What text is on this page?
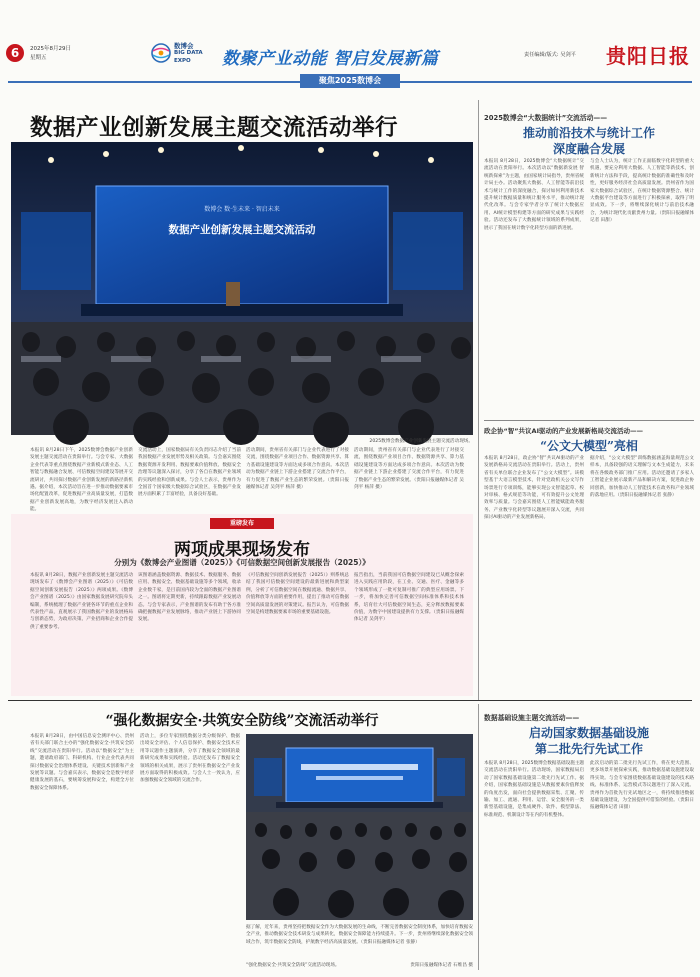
6	2025年8月29日
星期五
数博会
BIG DATA
EXPO 数聚产业动能 智启发展新篇	责任编辑/版式: 吴剑平 贵阳日报
聚焦2025数博会
数据产业创新发展主题交流活动举行
数博会 数·生未来 · 智启未来
数据产业创新发展主题交流活动
2025数博会数据产业创新发展主题交流活动现场。
本报讯 8月28日下午，2025数博会数据产业创新发展主题交流活动在贵阳举行。与会专家、大数据企业代表等重点围绕数据产业新模式新业态、人工智能与数据融合发展、可信数据空间建设等展开交流研讨，共同探讨数据产业创新发展的新路径新机遇。据介绍，本次活动旨在进一步推动数据要素市场化配置改革，促进数据产业高质量发展，打造数据产业创新发展高地，为数字经济发展注入新动能。
交流活动上，国家数据局有关负责同志介绍了当前我国数据产业发展形势及相关政策。与会嘉宾围绕数据资源开发利用、数据要素价值释放、数据安全治理等议题深入探讨，分享了各自在数据产业领域的实践经验和创新成果。与会人士表示，贵州作为全国首个国家级大数据综合试验区，在数据产业发展方面积累了丰富经验，具备良好基础。
活动期间，贵州省有关部门与企业代表进行了对接交流，围绕数据产业项目合作、数据资源共享、算力基础设施建设等方面达成多项合作意向。本次活动为数据产业链上下游企业搭建了交流合作平台，有力促进了数据产业生态的繁荣发展。（贵阳日报融媒体记者 吴剑平 杨萍 摄）
活动期间，贵州省有关部门与企业代表进行了对接交流，围绕数据产业项目合作、数据资源共享、算力基础设施建设等方面达成多项合作意向。本次活动为数据产业链上下游企业搭建了交流合作平台，有力促进了数据产业生态的繁荣发展。（贵阳日报融媒体记者 吴剑平 杨萍 摄）
2025数博会“大数据统计”交流活动——
推动前沿技术与统计工作
深度融合发展
本报讯 8月28日，2025数博会“大数据统计”交流活动在贵阳举行。本次活动以“数据新发展 智统新探索”为主题，由国家统计局指导，贵州省统计局主办。活动聚焦大数据、人工智能等前沿技术与统计工作的深度融合，探讨如何利用新技术提升统计数据质量和统计服务水平，推动统计现代化改革。与会专家学者分享了统计大数据应用、AI统计模型构建等方面的研究成果与实践经验。活动还发布了大数据统计领域的系列成果，展示了我国在统计数字化转型方面的新进展。
与会人士认为，统计工作正面临数字化转型的重大机遇，要充分利用大数据、人工智能等新技术，创新统计方法和手段，提高统计数据的准确性和及时性，更好服务经济社会高质量发展。贵州省作为国家大数据综合试验区，在统计数据资源整合、统计大数据平台建设等方面进行了积极探索，取得了明显成效。下一步，将继续深化统计与前沿技术融合，为统计现代化贡献贵州力量。（贵阳日报融媒体记者 田甜）
政企协“智”共议AI驱动的产业发展新格局交流活动——
“公文大模型”亮相
本报讯 8月28日，政企协“智”共议AI驱动的产业发展新格局交流活动在贵阳举行。活动上，贵州省有关单位联合企业发布了“公文大模型”。该模型基于大语言模型技术，针对党政机关公文写作场景进行专项训练，能够实现公文智能起草、校对审核、格式规范等功能，可有效提升公文处理效率与质量。与会嘉宾围绕人工智能赋能政务服务、产业数字化转型等议题展开深入交流，共同探讨AI驱动的产业发展新格局。
据介绍，“公文大模型”训练数据涵盖海量规范公文样本，具备较强的语义理解与文本生成能力，未来将在各级政务部门推广应用。活动还邀请了多家人工智能企业展示最新产品和解决方案，促进政企协同创新，加快推动人工智能技术在政务和产业领域的落地应用。（贵阳日报融媒体记者 张静）
重磅发布
两项成果现场发布
分别为《数博会产业图谱（2025）》《可信数据空间创新发展报告（2025）》
本报讯 8月28日，数据产业创新发展主题交流活动现场发布了《数博会产业图谱（2025）》《可信数据空间创新发展报告（2025）》两项成果。《数博会产业图谱（2025）》由国家数据发展研究院牵头编制，系统梳理了数据产业链各环节的重点企业和代表性产品，直观展示了我国数据产业的发展格局与创新态势，为政府决策、产业招商和企业合作提供了重要参考。
该图谱涵盖数据资源、数据技术、数据服务、数据应用、数据安全、数据基础设施等多个领域，收录企业数千家，是目前国内较为全面的数据产业图谱之一。图谱将定期更新，持续跟踪数据产业发展动态。与会专家表示，产业图谱的发布有助于各方准确把握数据产业发展脉络，推动产业链上下游协同发展。
《可信数据空间创新发展报告（2025）》则系统总结了我国可信数据空间建设的最新进展和典型案例，分析了可信数据空间在数据流通、数据共享、价值释放等方面的重要作用，提出了推动可信数据空间高质量发展的对策建议。报告认为，可信数据空间是构建数据要素市场的重要基础设施。
报告指出，当前我国可信数据空间建设已从概念探索进入实践应用阶段，在工业、交通、医疗、金融等多个领域形成了一批可复制可推广的典型应用场景。下一步，将加快完善可信数据空间标准体系和技术体系，培育壮大可信数据空间生态，充分释放数据要素价值，为数字中国建设提供有力支撑。（贵阳日报融媒体记者 吴剑平）
“强化数据安全·共筑安全防线”交流活动举行
本报讯 8月28日，由中国信息安全测评中心、贵州省有关部门联合主办的“强化数据安全·共筑安全防线”交流活动在贵阳举行。活动以“数据安全”为主题，邀请政府部门、科研机构、行业企业代表共同探讨数据安全治理体系建设、关键技术创新和产业发展等议题。与会嘉宾表示，数据安全是数字经济健康发展的基石，要统筹发展和安全，构建全方位数据安全保障体系。
活动上，多位专家围绕数据分类分级保护、数据出境安全评估、个人信息保护、数据安全技术应用等议题作主题演讲，分享了数据安全领域的最新研究成果和实践经验。活动还发布了数据安全领域的相关成果，展示了贵州在数据安全产业发展方面取得的积极成效。与会人士一致认为，应加强数据安全领域的交流合作。
据了解，近年来，贵州坚持把数据安全作为大数据发展的生命线，不断完善数据安全制度体系，加快培育数据安全产业，推动数据安全技术研发与成果转化，数据安全保障能力持续提升。下一步，贵州将继续深化数据安全领域合作，筑牢数据安全防线，护航数字经济高质量发展。（贵阳日报融媒体记者 张静）
“强化数据安全·共筑安全防线”交流活动现场。	贵阳日报融媒体记者 石维昌 摄
数据基础设施主题交流活动——
启动国家数据基础设施
第二批先行先试工作
本报讯 8月28日，2025数博会数据基础设施主题交流活动在贵阳举行。活动现场，国家数据局启动了国家数据基础设施第二批先行先试工作。据介绍，国家数据基础设施是从数据要素价值释放的角度出发，面向社会提供数据采集、汇聚、传输、加工、流通、利用、运营、安全服务的一类新型基础设施，是集成硬件、软件、模型算法、标准规范、机制设计等在内的有机整体。
此次启动的第二批先行先试工作，将在更大范围、更多场景开展探索实践，推动数据基础设施建设取得实效。与会专家围绕数据基础设施建设的技术路线、标准体系、运营模式等议题进行了深入交流。贵州作为首批先行先试地区之一，将持续推进数据基础设施建设，为全国提供可借鉴的经验。（贵阳日报融媒体记者 田甜）
